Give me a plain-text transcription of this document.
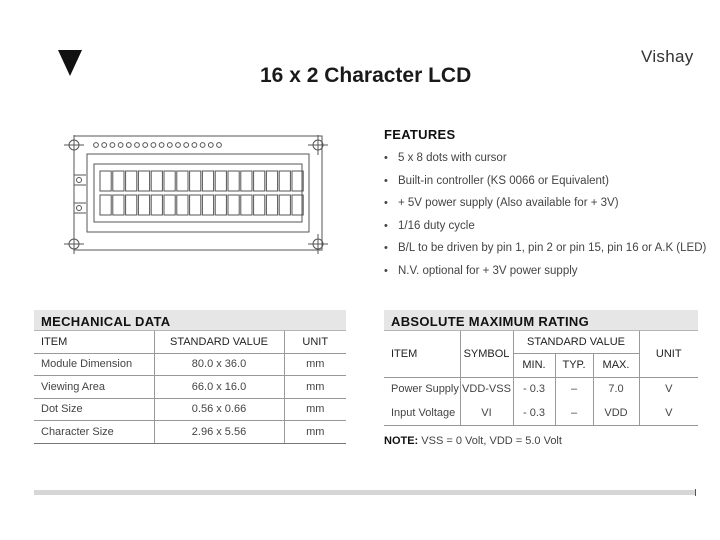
Vishay
16 x 2 Character LCD
FEATURES
• 5 x 8 dots with cursor
• Built-in controller (KS 0066 or Equivalent)
• + 5V power supply (Also available for + 3V)
• 1/16 duty cycle
• B/L to be driven by pin 1, pin 2 or pin 15, pin 16 or A.K (LED)
• N.V. optional for + 3V power supply
MECHANICAL DATA
ITEM	STANDARD VALUE	UNIT
Module Dimension	80.0 x 36.0	mm
Viewing Area	66.0 x 16.0	mm
Dot Size	0.56 x 0.66	mm
Character Size	2.96 x 5.56	mm
ABSOLUTE MAXIMUM RATING
ITEM	SYMBOL	STANDARD VALUE			UNIT
		MIN.	TYP.	MAX.	
Power Supply	VDD-VSS	- 0.3	–	7.0	V
Input Voltage	VI	- 0.3	–	VDD	V
NOTE: VSS = 0 Volt, VDD = 5.0 Volt
